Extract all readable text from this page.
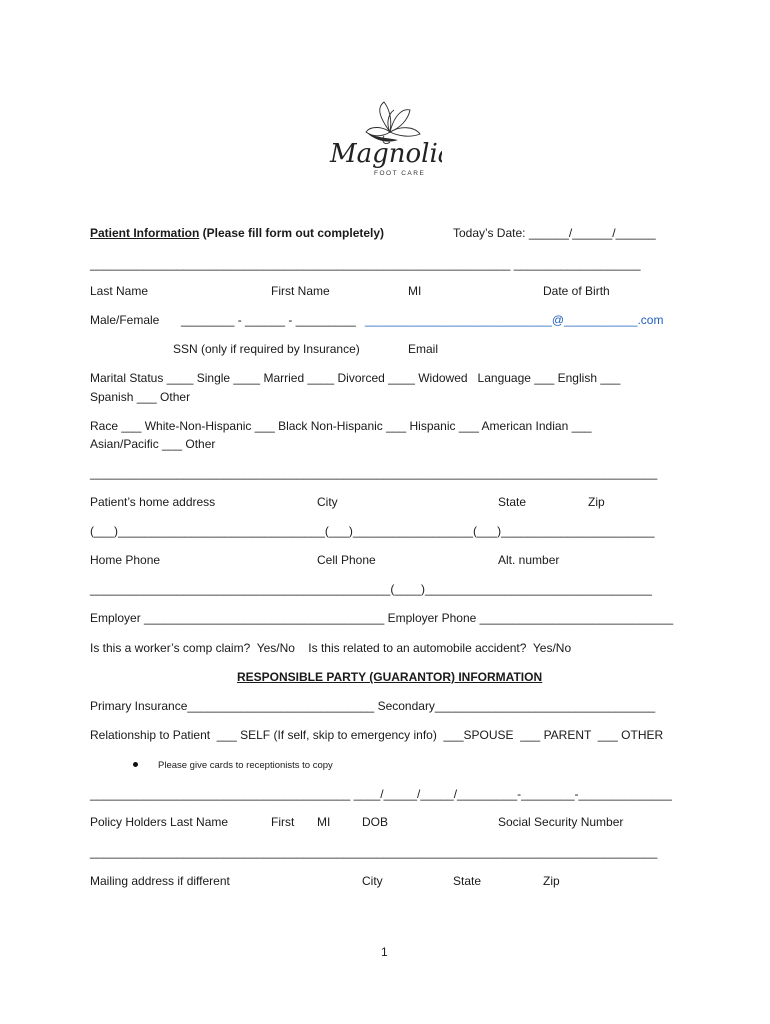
Magnolia
FOOT CARE
Patient Information (Please fill form out completely)	Today’s Date: ______/______/______
_______________________________________________________________ ___________________
Last Name	First Name	MI	Date of Birth
Male/Female ________ - ______ - _________ ____________________________@___________.com
SSN (only if required by Insurance)	Email
Marital Status ____ Single ____ Married ____ Divorced ____ Widowed   Language ___ English ___
Spanish ___ Other
Race ___ White-Non-Hispanic ___ Black Non-Hispanic ___ Hispanic ___ American Indian ___
Asian/Pacific ___ Other
_____________________________________________________________________________________
Patient’s home address	City	State	Zip
(___)_______________________________(___)__________________(___)_______________________
Home Phone	Cell Phone	Alt. number
_____________________________________________(____)__________________________________
Employer ____________________________________ Employer Phone _____________________________
Is this a worker’s comp claim?  Yes/No    Is this related to an automobile accident?  Yes/No
RESPONSIBLE PARTY (GUARANTOR) INFORMATION
Primary Insurance____________________________ Secondary_________________________________
Relationship to Patient  ___ SELF (If self, skip to emergency info)  ___SPOUSE  ___ PARENT  ___ OTHER
Please give cards to receptionists to copy
_______________________________________ ____/_____/_____/_________-________-______________
Policy Holders Last Name	First MI	DOB	Social Security Number
_____________________________________________________________________________________
Mailing address if different	City	State	Zip
1
